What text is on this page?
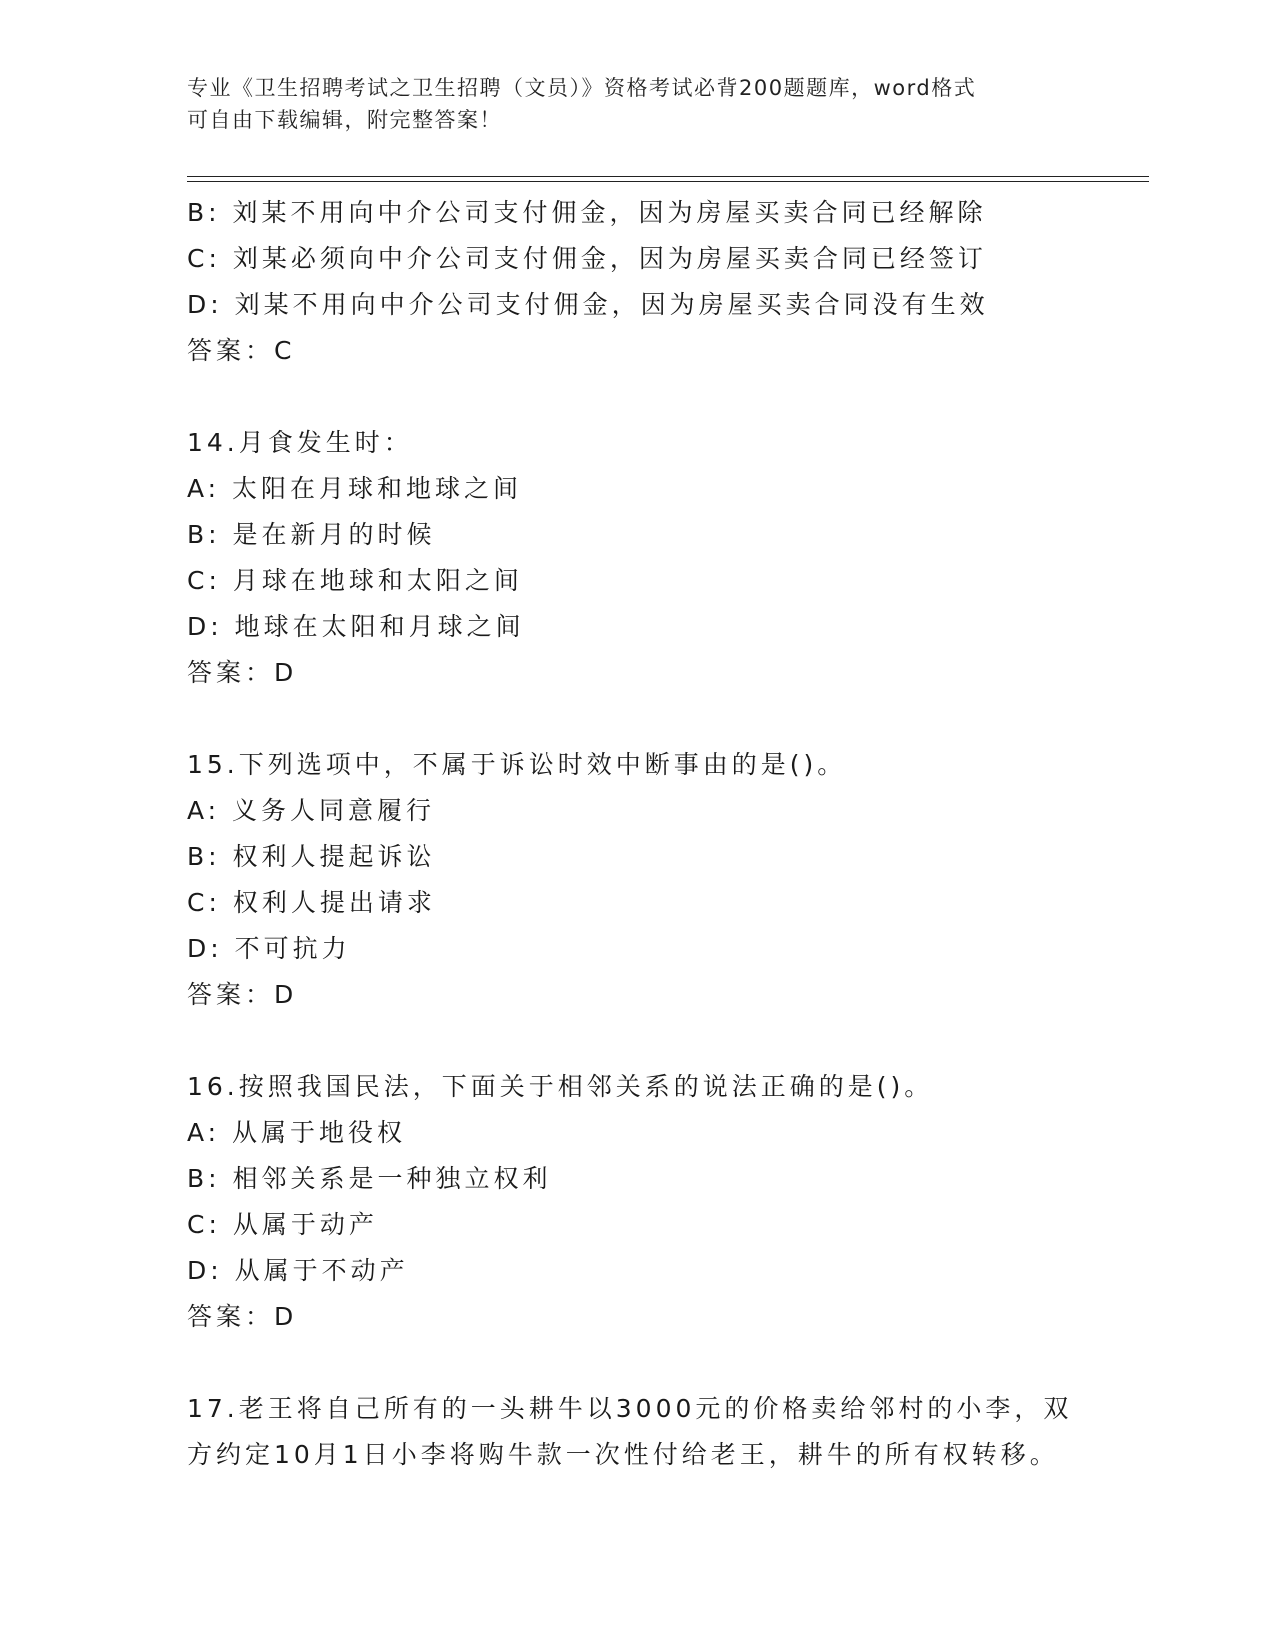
专业《卫生招聘考试之卫生招聘（文员）》资格考试必背200题题库，word格式
可自由下载编辑，附完整答案！
B: 刘某不用向中介公司支付佣金，因为房屋买卖合同已经解除
C: 刘某必须向中介公司支付佣金，因为房屋买卖合同已经签订
D: 刘某不用向中介公司支付佣金，因为房屋买卖合同没有生效
答案：C
14.月食发生时：
A: 太阳在月球和地球之间
B: 是在新月的时候
C: 月球在地球和太阳之间
D: 地球在太阳和月球之间
答案：D
15.下列选项中，不属于诉讼时效中断事由的是()。
A: 义务人同意履行
B: 权利人提起诉讼
C: 权利人提出请求
D: 不可抗力
答案：D
16.按照我国民法，下面关于相邻关系的说法正确的是()。
A: 从属于地役权
B: 相邻关系是一种独立权利
C: 从属于动产
D: 从属于不动产
答案：D
17.老王将自己所有的一头耕牛以3000元的价格卖给邻村的小李，双
方约定10月1日小李将购牛款一次性付给老王，耕牛的所有权转移。
